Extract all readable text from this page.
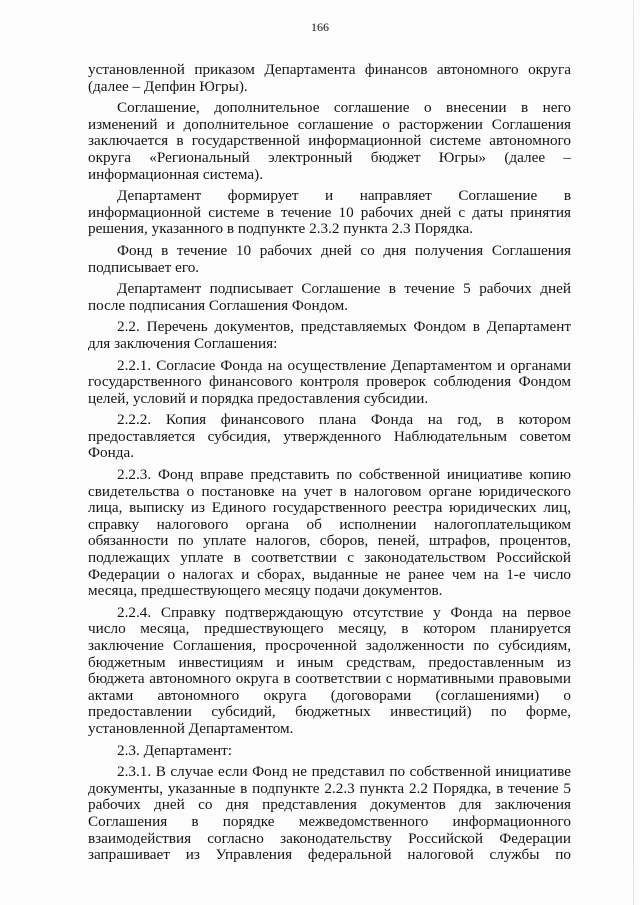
166

установленной приказом Департамента финансов автономного округа (далее – Депфин Югры).

Соглашение, дополнительное соглашение о внесении в него изменений и дополнительное соглашение о расторжении Соглашения заключается в государственной информационной системе автономного округа «Региональный электронный бюджет Югры» (далее – информационная система).

Департамент формирует и направляет Соглашение в информационной системе в течение 10 рабочих дней с даты принятия решения, указанного в подпункте 2.3.2 пункта 2.3 Порядка.

Фонд в течение 10 рабочих дней со дня получения Соглашения подписывает его.

Департамент подписывает Соглашение в течение 5 рабочих дней после подписания Соглашения Фондом.

2.2. Перечень документов, представляемых Фондом в Департамент для заключения Соглашения:

2.2.1. Согласие Фонда на осуществление Департаментом и органами государственного финансового контроля проверок соблюдения Фондом целей, условий и порядка предоставления субсидии.

2.2.2. Копия финансового плана Фонда на год, в котором предоставляется субсидия, утвержденного Наблюдательным советом Фонда.

2.2.3. Фонд вправе представить по собственной инициативе копию свидетельства о постановке на учет в налоговом органе юридического лица, выписку из Единого государственного реестра юридических лиц, справку налогового органа об исполнении налогоплательщиком обязанности по уплате налогов, сборов, пеней, штрафов, процентов, подлежащих уплате в соответствии с законодательством Российской Федерации о налогах и сборах, выданные не ранее чем на 1-е число месяца, предшествующего месяцу подачи документов.

2.2.4. Справку подтверждающую отсутствие у Фонда на первое число месяца, предшествующего месяцу, в котором планируется заключение Соглашения, просроченной задолженности по субсидиям, бюджетным инвестициям и иным средствам, предоставленным из бюджета автономного округа в соответствии с нормативными правовыми актами автономного округа (договорами (соглашениями) о предоставлении субсидий, бюджетных инвестиций) по форме, установленной Департаментом.

2.3. Департамент:

2.3.1. В случае если Фонд не представил по собственной инициативе документы, указанные в подпункте 2.2.3 пункта 2.2 Порядка, в течение 5 рабочих дней со дня представления документов для заключения Соглашения в порядке межведомственного информационного взаимодействия согласно законодательству Российской Федерации запрашивает из Управления федеральной налоговой службы по
